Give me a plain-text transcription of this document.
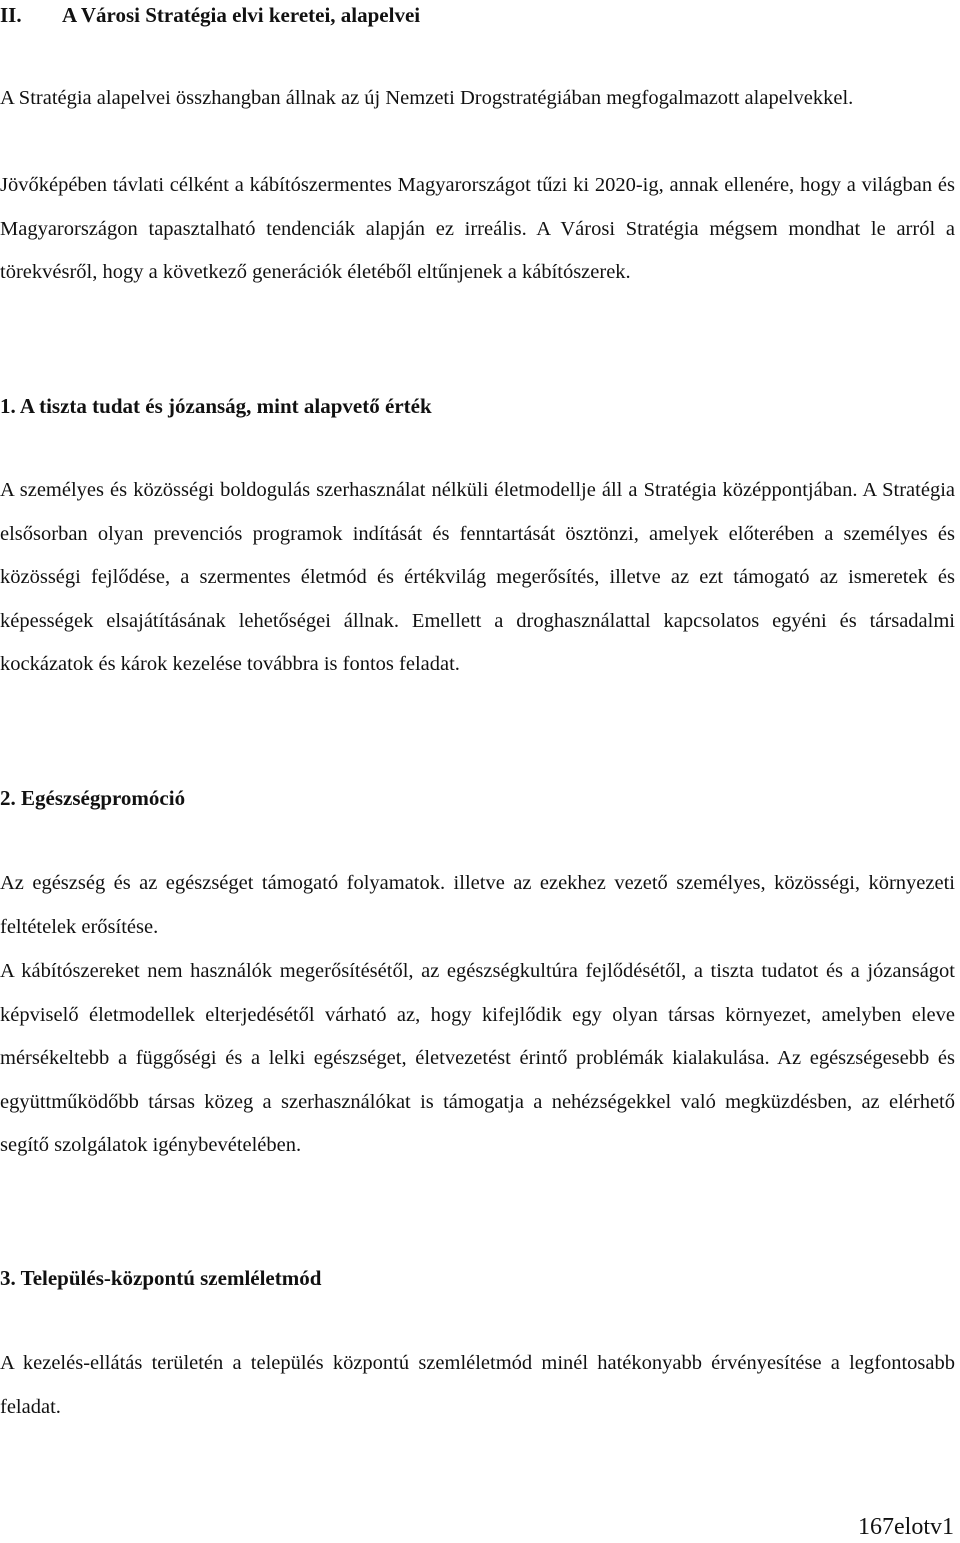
II. A Városi Stratégia elvi keretei, alapelvei

A Stratégia alapelvei összhangban állnak az új Nemzeti Drogstratégiában megfogalmazott alapelvekkel.

Jövőképében távlati célként a kábítószermentes Magyarországot tűzi ki 2020-ig, annak ellenére, hogy a világban és Magyarországon tapasztalható tendenciák alapján ez irreális. A Városi Stratégia mégsem mondhat le arról a törekvésről, hogy a következő generációk életéből eltűnjenek a kábítószerek.

1. A tiszta tudat és józanság, mint alapvető érték

A személyes és közösségi boldogulás szerhasználat nélküli életmodellje áll a Stratégia középpontjában. A Stratégia elsősorban olyan prevenciós programok indítását és fenntartását ösztönzi, amelyek előterében a személyes és közösségi fejlődése, a szermentes életmód és értékvilág megerősítés, illetve az ezt támogató az ismeretek és képességek elsajátításának lehetőségei állnak. Emellett a droghasználattal kapcsolatos egyéni és társadalmi kockázatok és károk kezelése továbbra is fontos feladat.

2. Egészségpromóció

Az egészség és az egészséget támogató folyamatok. illetve az ezekhez vezető személyes, közösségi, környezeti feltételek erősítése.

A kábítószereket nem használók megerősítésétől, az egészségkultúra fejlődésétől, a tiszta tudatot és a józanságot képviselő életmodellek elterjedésétől várható az, hogy kifejlődik egy olyan társas környezet, amelyben eleve mérsékeltebb a függőségi és a lelki egészséget, életvezetést érintő problémák kialakulása. Az egészségesebb és együttműködőbb társas közeg a szerhasználókat is támogatja a nehézségekkel való megküzdésben, az elérhető segítő szolgálatok igénybevételében.

3. Település-központú szemléletmód

A kezelés-ellátás területén a település központú szemléletmód minél hatékonyabb érvényesítése a legfontosabb feladat.

167elotv1
